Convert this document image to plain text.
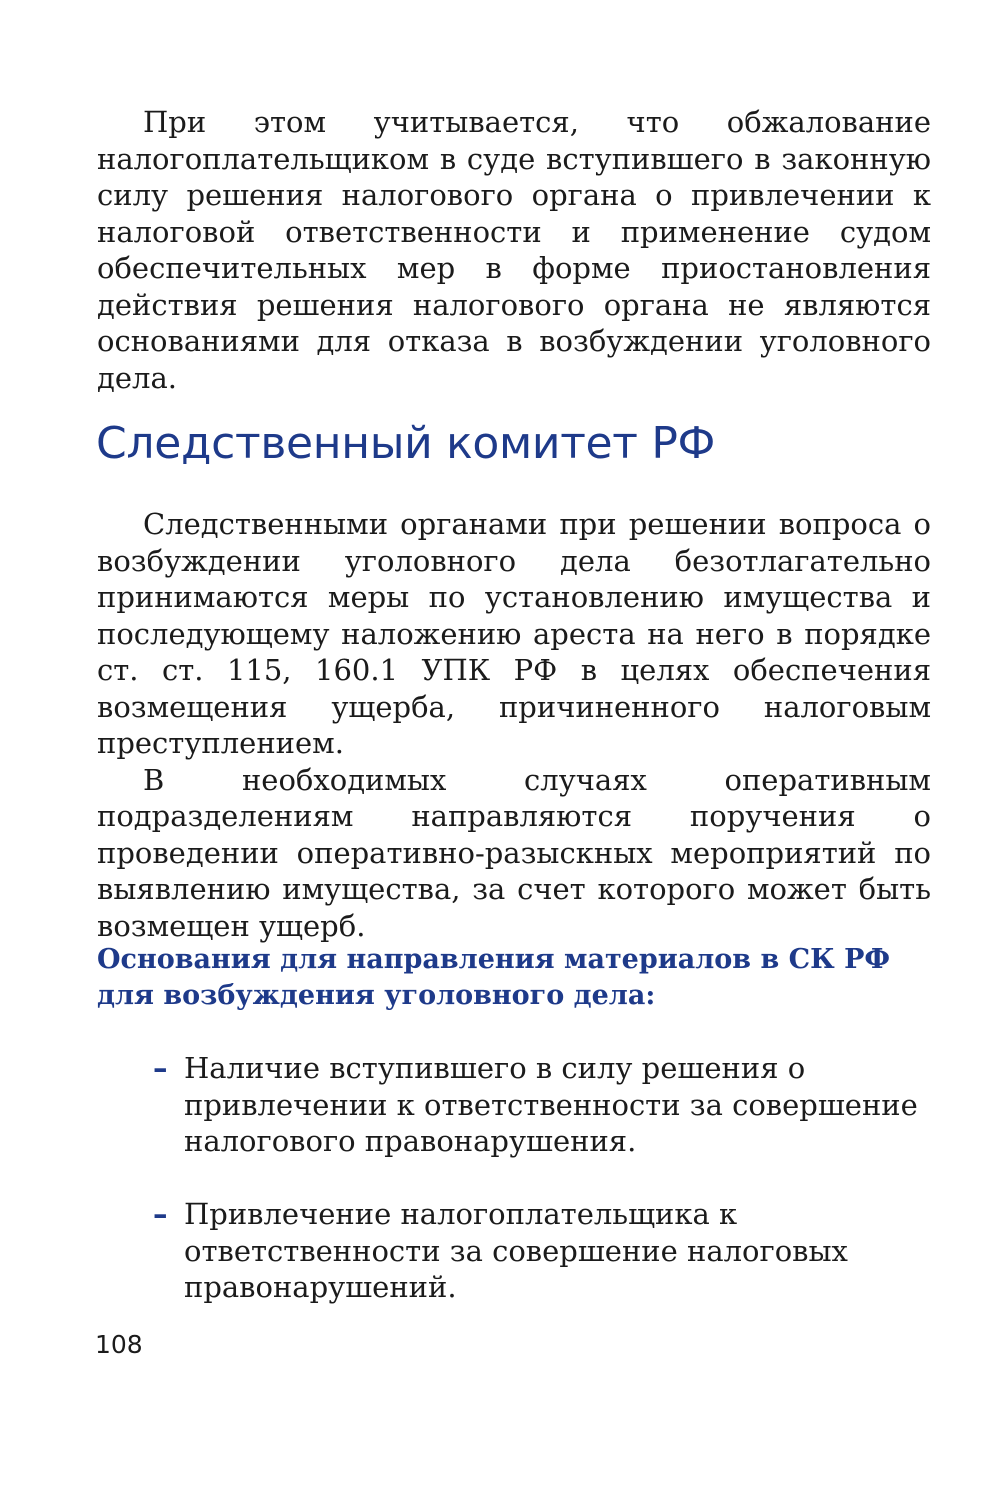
При этом учитывается, что обжалование налогоплательщиком в суде вступившего в законную силу решения налогового органа о привлечении к налоговой ответственности и применение судом обеспечительных мер в форме приостановления действия решения налогового органа не являются основаниями для отказа в возбуждении уголовного дела.

Следственный комитет РФ

Следственными органами при решении вопроса о возбуждении уголовного дела безотлагательно принимаются меры по установлению имущества и последующему наложению ареста на него в порядке ст. ст. 115, 160.1 УПК РФ в целях обеспечения возмещения ущерба, причиненного налоговым преступлением.

В необходимых случаях оперативным подразделениям направляются поручения о проведении оперативно-разыскных мероприятий по выявлению имущества, за счет которого может быть возмещен ущерб.

Основания для направления материалов в СК РФ
для возбуждения уголовного дела:
– Наличие вступившего в силу решения о привлечении к ответственности за совершение налогового правонарушения.
– Привлечение налогоплательщика к ответственности за совершение налоговых правонарушений.
108
